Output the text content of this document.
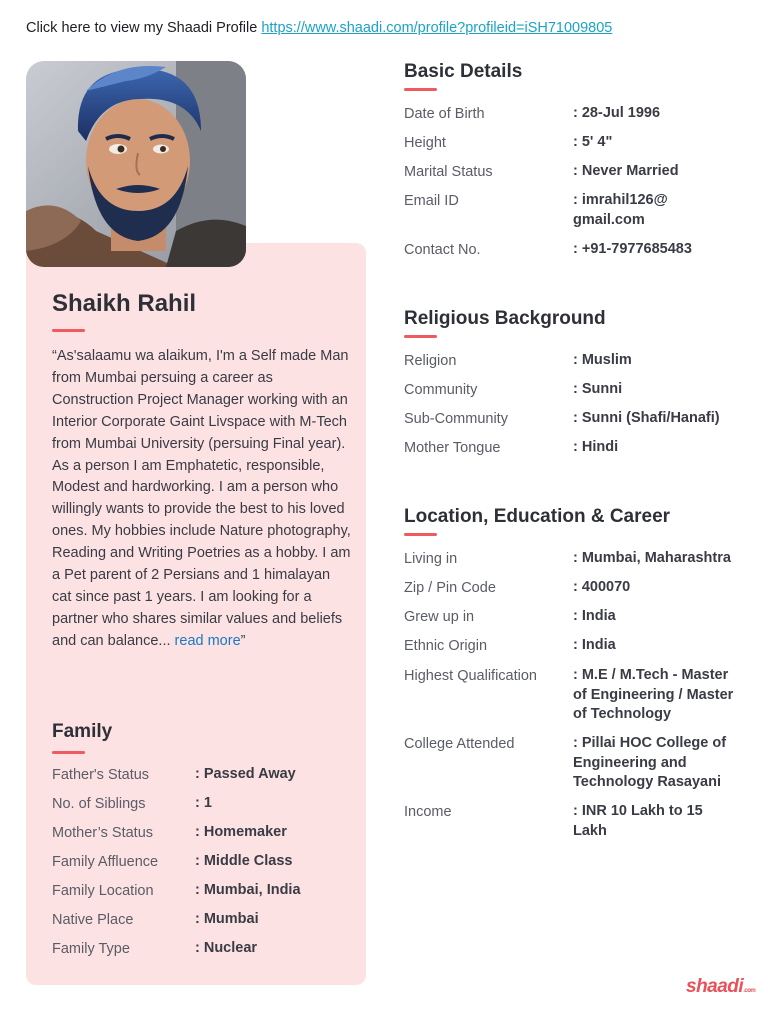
Click here to view my Shaadi Profile https://www.shaadi.com/profile?profileid=iSH71009805
Shaikh Rahil
“As'salaamu wa alaikum, I'm a Self made Man from Mumbai persuing a career as Construction Project Manager working with an Interior Corporate Gaint Livspace with M-Tech from Mumbai University (persuing Final year). As a person I am Emphatetic, responsible, Modest and hardworking. I am a person who willingly wants to provide the best to his loved ones. My hobbies include Nature photography, Reading and Writing Poetries as a hobby. I am a Pet parent of 2 Persians and 1 himalayan cat since past 1 years. I am looking for a partner who shares similar values and beliefs and can balance... read more”
Family
Father's Status	: Passed Away
No. of Siblings	: 1
Mother’s Status	: Homemaker
Family Affluence	: Middle Class
Family Location	: Mumbai, India
Native Place	: Mumbai
Family Type	: Nuclear
Basic Details
Date of Birth	: 28-Jul 1996
Height	: 5' 4"
Marital Status	: Never Married
Email ID	: imrahil126@
gmail.com
Contact No.	: +91-7977685483
Religious Background
Religion	: Muslim
Community	: Sunni
Sub-Community	: Sunni (Shafi/Hanafi)
Mother Tongue	: Hindi
Location, Education & Career
Living in	: Mumbai, Maharashtra
Zip / Pin Code	: 400070
Grew up in	: India
Ethnic Origin	: India
Highest Qualification : M.E / M.Tech - Master of Engineering / Master of Technology
College Attended	: Pillai HOC College of Engineering and Technology Rasayani
Income	: INR 10 Lakh to 15 Lakh
shaadi.com
